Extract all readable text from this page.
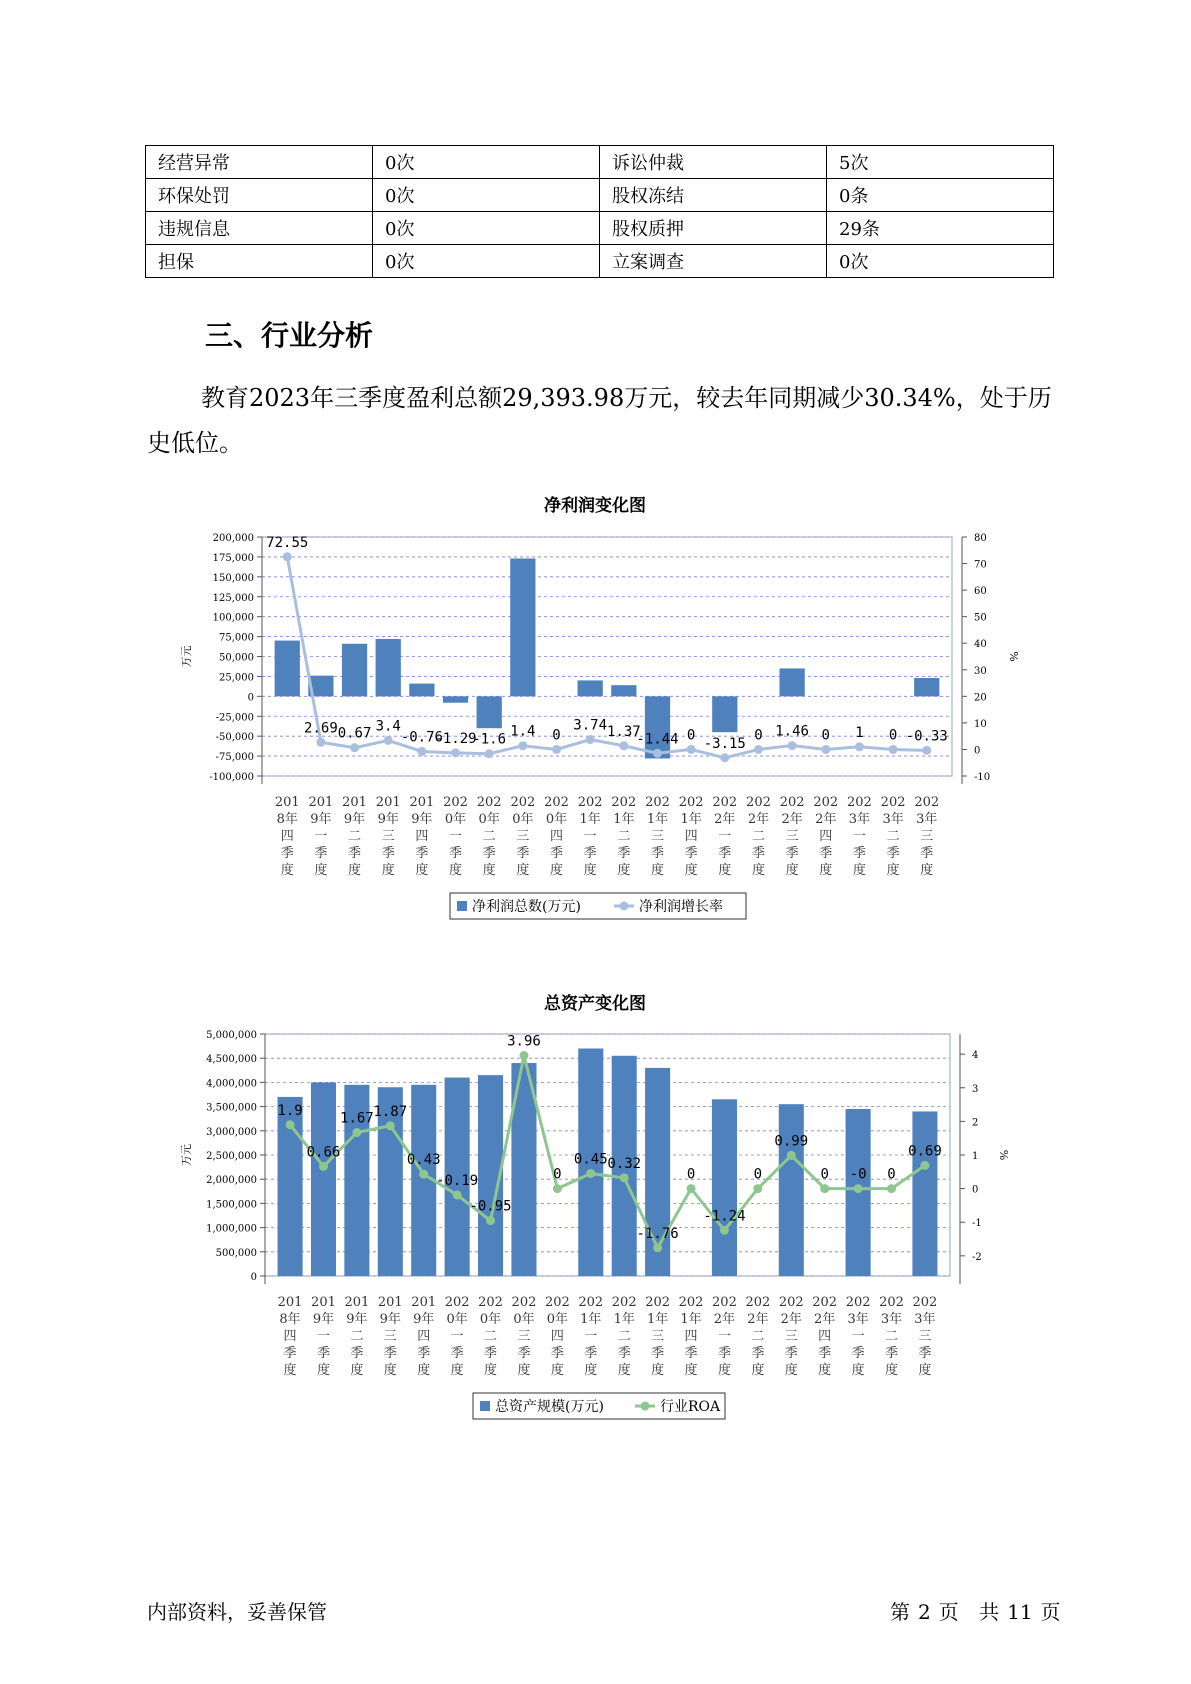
经营异常	0次	诉讼仲裁	5次
环保处罚	0次	股权冻结	0条
违规信息	0次	股权质押	29条
担保	0次	立案调查	0次
三、行业分析

教育2023年三季度盈利总额29,393.98万元，较去年同期减少30.34%，处于历史低位。

净利润变化图
200,000
175,000
150,000
125,000
100,000
75,000
50,000
25,000
0
-25,000
-50,000
-75,000
-100,000
80
70
60
50
40
30
20
10
0
-10
万元	%
72.55
2.69 0.67 3.4
-0.76
-1.29
-1.6 1.4 0
3.74 1.37
-1.44 0
-3.15
0 1.46 0 1 0 -0.33
201
8年
四
季
度
201
9年
一
季
度
201
9年
二
季
度
201
9年
三
季
度
201
9年
四
季
度
202
0年
一
季
度
202
0年
二
季
度
202
0年
三
季
度
202
0年
四
季
度
202
1年
一
季
度
202
1年
二
季
度
202
1年
三
季
度
202
1年
四
季
度
202
2年
一
季
度
202
2年
二
季
度
202
2年
三
季
度
202
2年
四
季
度
202
3年
一
季
度
202
3年
二
季
度
202
3年
三
季
度
净利润总数(万元)	净利润增长率
总资产变化图
5,000,000
4,500,000
4,000,000
3,500,000
3,000,000
2,500,000
2,000,000
1,500,000
1,000,000
500,000
0
4
3
2
1
0
-1
-2
万元	%
1.9
0.66
1.67 1.87
0.43
-0.19
-0.95
3.96
0
0.45 0.32
-1.76
0
-1.24
0
0.99
0 -0 0
0.69
201
8年
四
季
度
201
9年
一
季
度
201
9年
二
季
度
201
9年
三
季
度
201
9年
四
季
度
202
0年
一
季
度
202
0年
二
季
度
202
0年
三
季
度
202
0年
四
季
度
202
1年
一
季
度
202
1年
二
季
度
202
1年
三
季
度
202
1年
四
季
度
202
2年
一
季
度
202
2年
二
季
度
202
2年
三
季
度
202
2年
四
季
度
202
3年
一
季
度
202
3年
二
季
度
202
3年
三
季
度
总资产规模(万元)	行业ROA
内部资料，妥善保管	第 2 页 共 11 页
